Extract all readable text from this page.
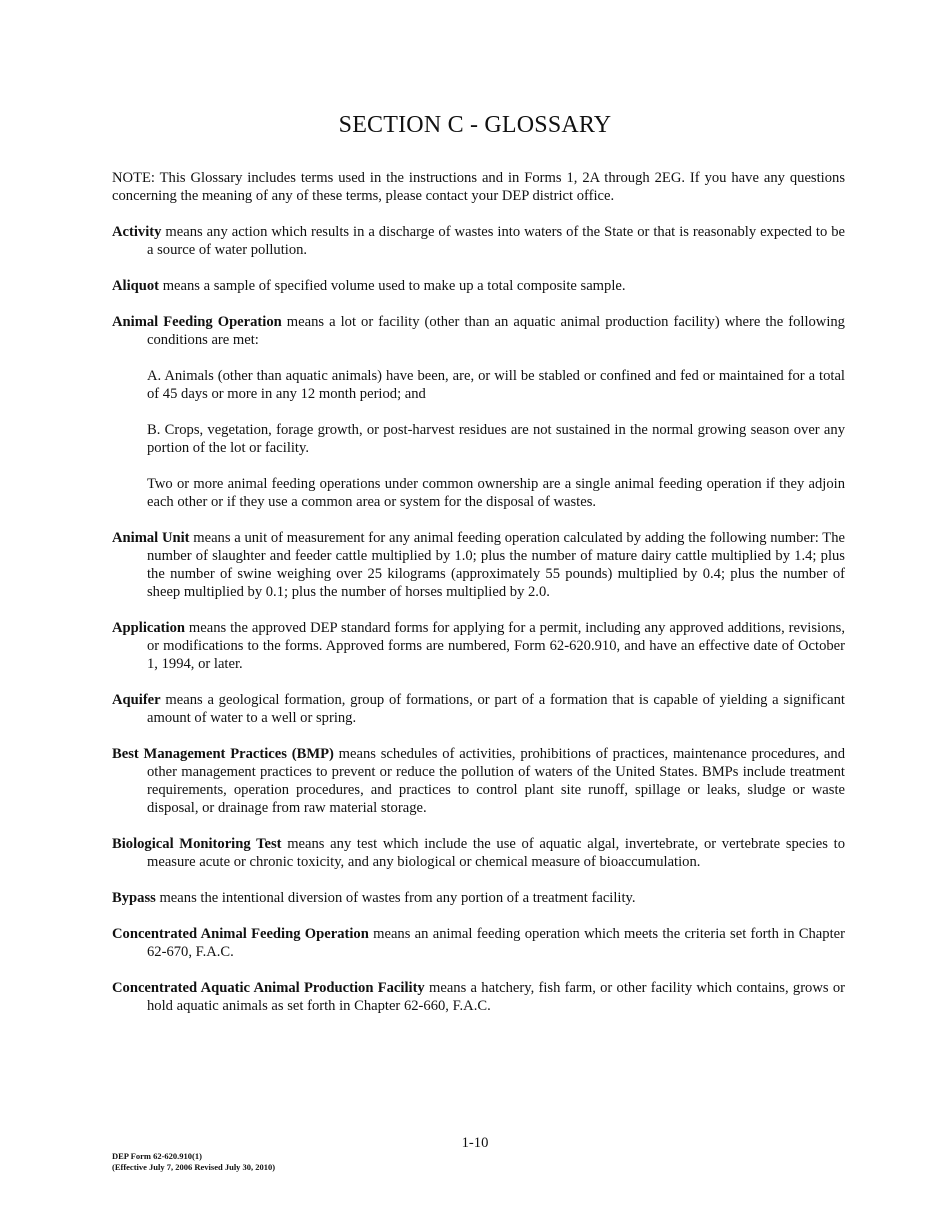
SECTION C - GLOSSARY

NOTE: This Glossary includes terms used in the instructions and in Forms 1, 2A through 2EG. If you have any questions concerning the meaning of any of these terms, please contact your DEP district office.

Activity means any action which results in a discharge of wastes into waters of the State or that is reasonably expected to be a source of water pollution.

Aliquot means a sample of specified volume used to make up a total composite sample.

Animal Feeding Operation means a lot or facility (other than an aquatic animal production facility) where the following conditions are met:

A. Animals (other than aquatic animals) have been, are, or will be stabled or confined and fed or maintained for a total of 45 days or more in any 12 month period; and

B. Crops, vegetation, forage growth, or post-harvest residues are not sustained in the normal growing season over any portion of the lot or facility.

Two or more animal feeding operations under common ownership are a single animal feeding operation if they adjoin each other or if they use a common area or system for the disposal of wastes.

Animal Unit means a unit of measurement for any animal feeding operation calculated by adding the following number: The number of slaughter and feeder cattle multiplied by 1.0; plus the number of mature dairy cattle multiplied by 1.4; plus the number of swine weighing over 25 kilograms (approximately 55 pounds) multiplied by 0.4; plus the number of sheep multiplied by 0.1; plus the number of horses multiplied by 2.0.

Application means the approved DEP standard forms for applying for a permit, including any approved additions, revisions, or modifications to the forms. Approved forms are numbered, Form 62-620.910, and have an effective date of October 1, 1994, or later.

Aquifer means a geological formation, group of formations, or part of a formation that is capable of yielding a significant amount of water to a well or spring.

Best Management Practices (BMP) means schedules of activities, prohibitions of practices, maintenance procedures, and other management practices to prevent or reduce the pollution of waters of the United States. BMPs include treatment requirements, operation procedures, and practices to control plant site runoff, spillage or leaks, sludge or waste disposal, or drainage from raw material storage.

Biological Monitoring Test means any test which include the use of aquatic algal, invertebrate, or vertebrate species to measure acute or chronic toxicity, and any biological or chemical measure of bioaccumulation.

Bypass means the intentional diversion of wastes from any portion of a treatment facility.

Concentrated Animal Feeding Operation means an animal feeding operation which meets the criteria set forth in Chapter 62-670, F.A.C.

Concentrated Aquatic Animal Production Facility means a hatchery, fish farm, or other facility which contains, grows or hold aquatic animals as set forth in Chapter 62-660, F.A.C.

1-10
DEP Form 62-620.910(1)
(Effective July 7, 2006 Revised July 30, 2010)
